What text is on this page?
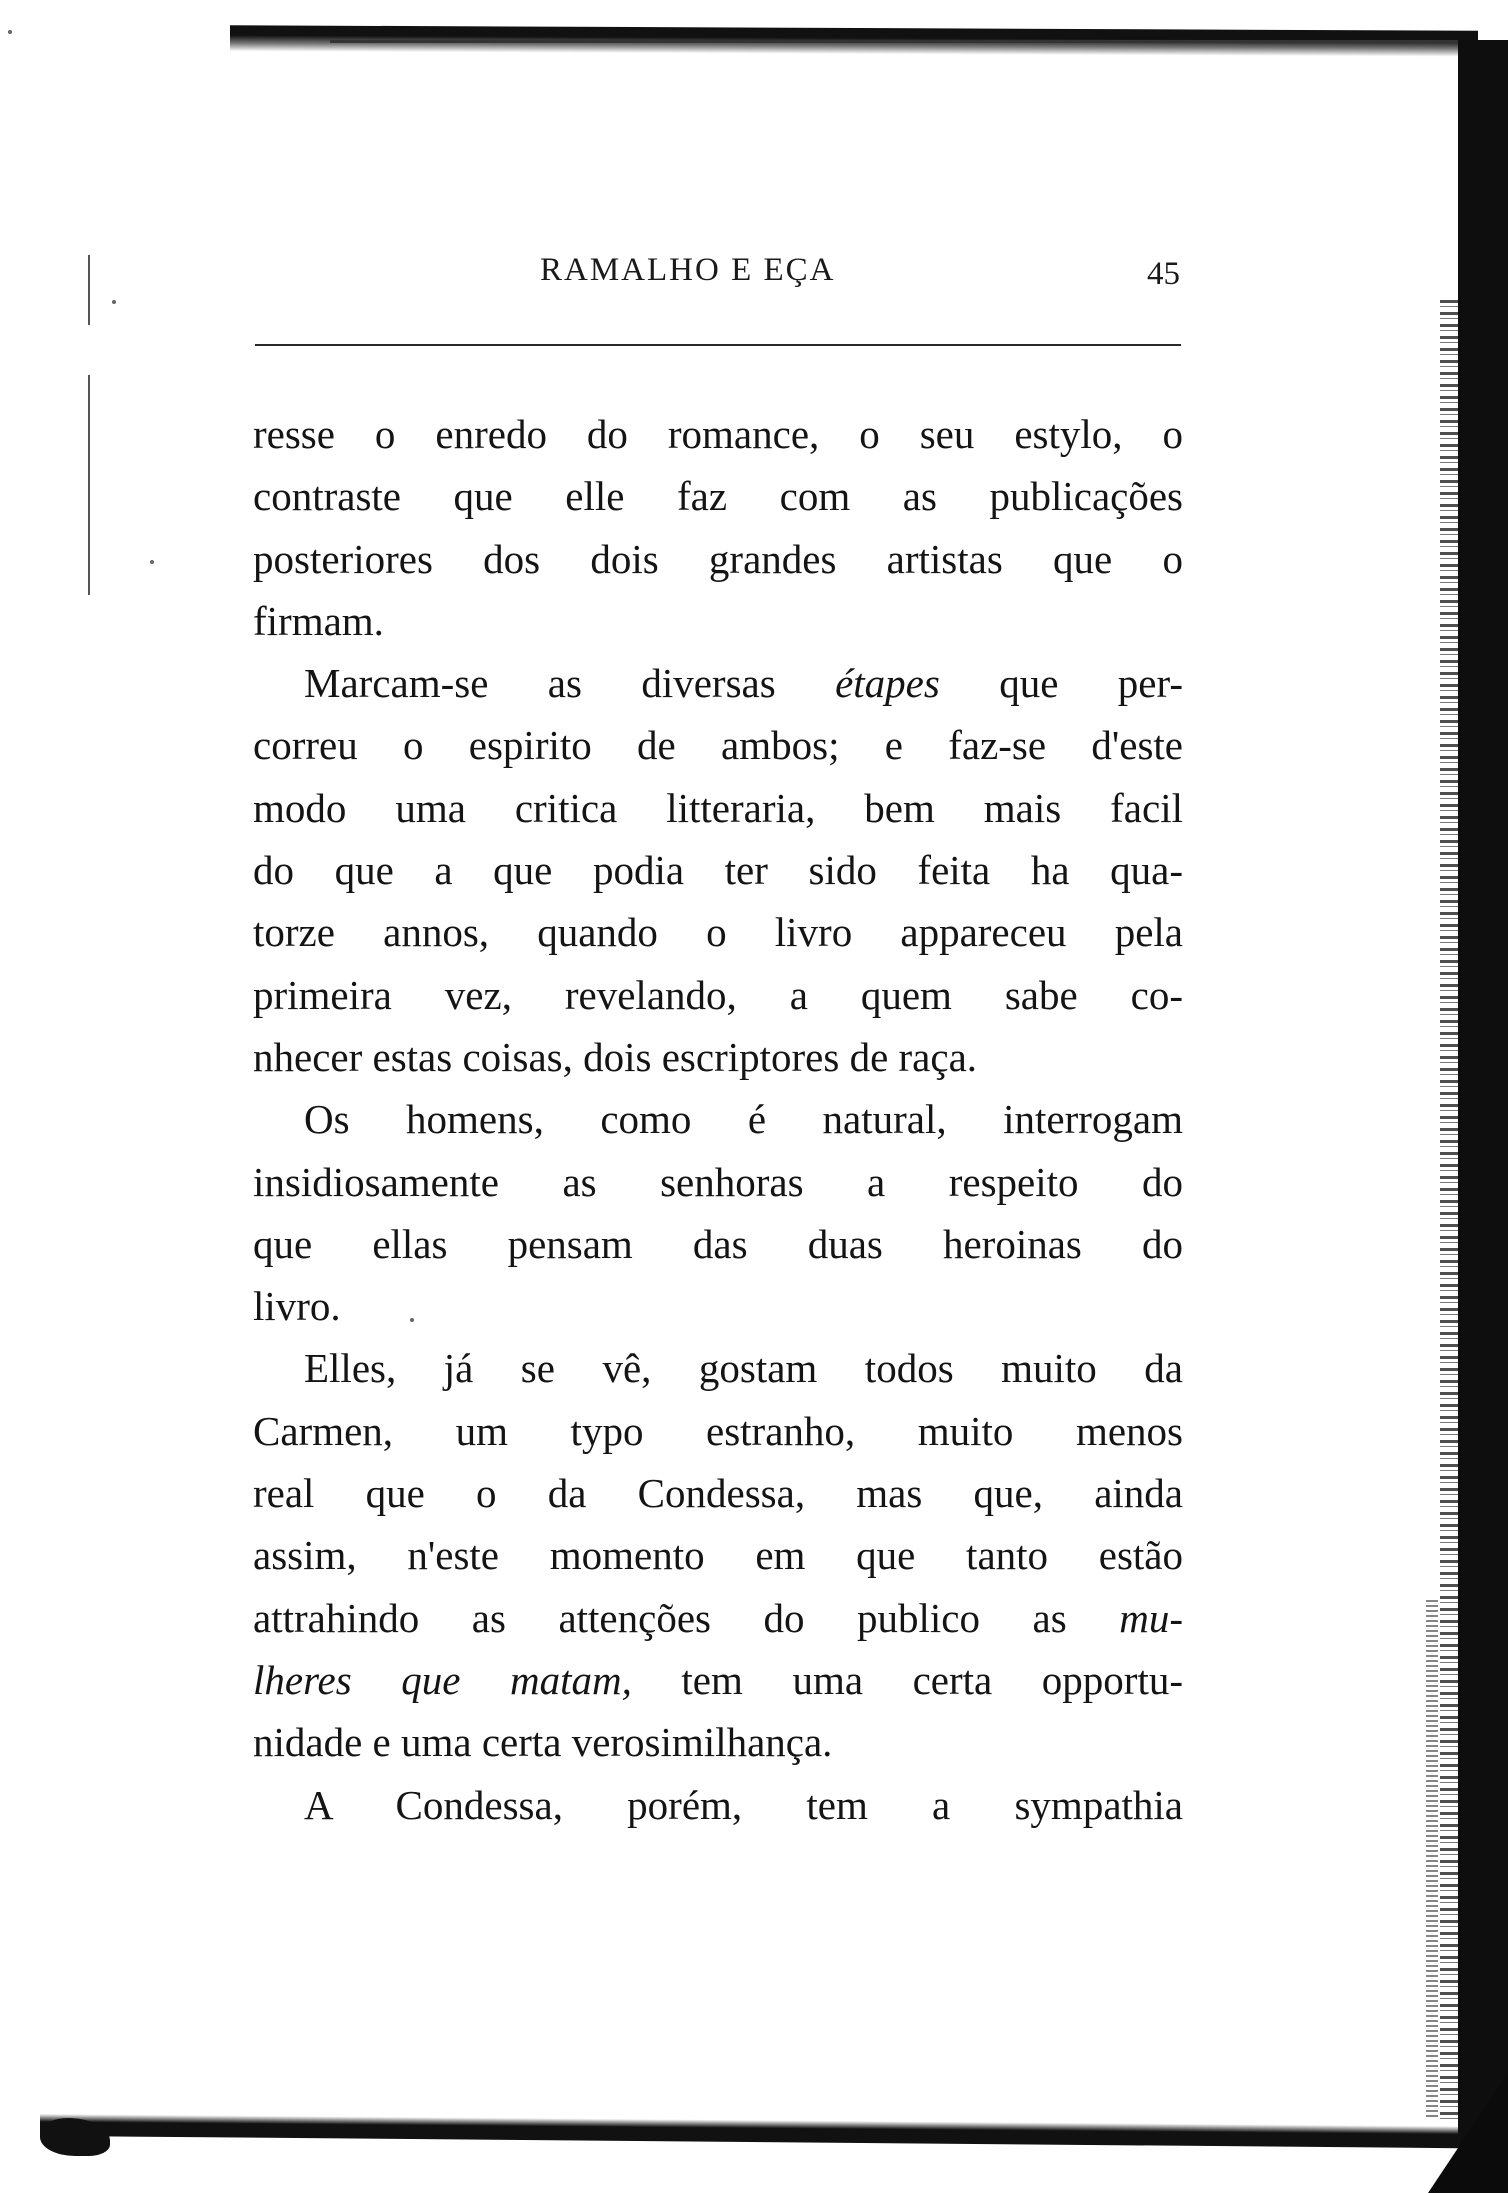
RAMALHO E EÇA	45
resse o enredo do romance, o seu estylo, o
contraste que elle faz com as publicações
posteriores dos dois grandes artistas que o
firmam.
Marcam-se as diversas étapes que per-
correu o espirito de ambos; e faz-se d'este
modo uma critica litteraria, bem mais facil
do que a que podia ter sido feita ha qua-
torze annos, quando o livro appareceu pela
primeira vez, revelando, a quem sabe co-
nhecer estas coisas, dois escriptores de raça.
Os homens, como é natural, interrogam
insidiosamente as senhoras a respeito do
que ellas pensam das duas heroinas do
livro.
Elles, já se vê, gostam todos muito da
Carmen, um typo estranho, muito menos
real que o da Condessa, mas que, ainda
assim, n'este momento em que tanto estão
attrahindo as attenções do publico as mu-
lheres que matam, tem uma certa opportu-
nidade e uma certa verosimilhança.
A Condessa, porém, tem a sympathia
